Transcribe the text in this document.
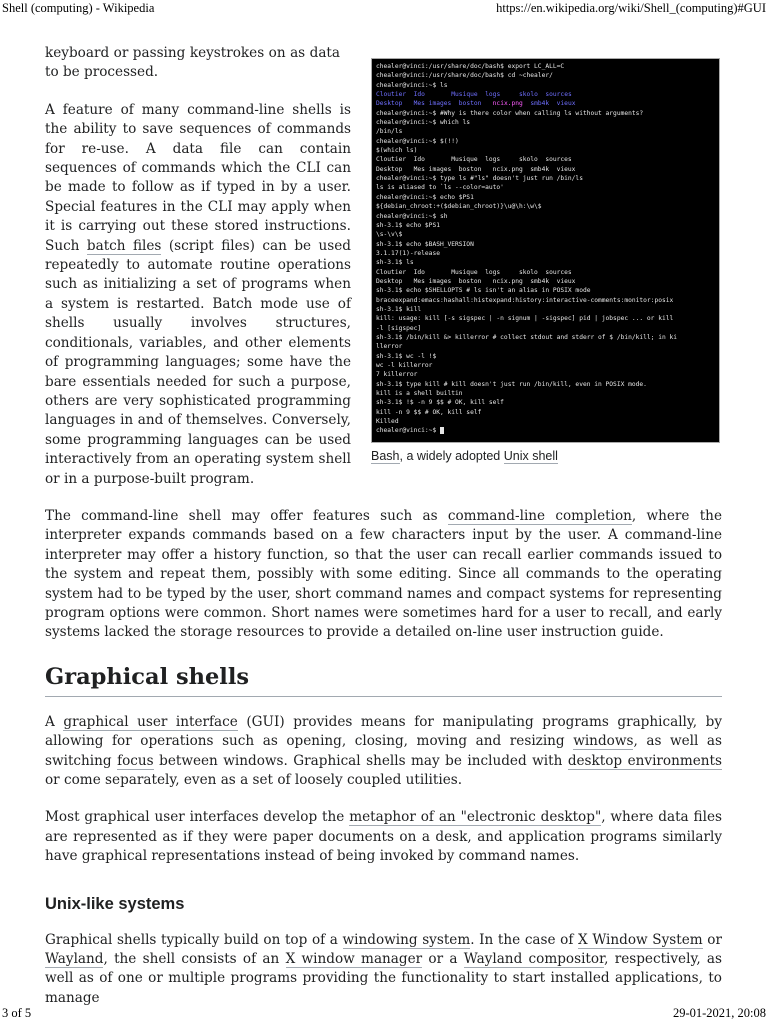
Shell (computing) - Wikipedia	https://en.wikipedia.org/wiki/Shell_(computing)#GUI
chealer@vinci:/usr/share/doc/bash$ export LC_ALL=C
chealer@vinci:/usr/share/doc/bash$ cd ~chealer/
chealer@vinci:~$ ls
Cloutier  Ido       Musique  logs     skolo  sources
Desktop   Mes images  boston   ncix.png  smb4k  vieux
chealer@vinci:~$ #Why is there color when calling ls without arguments?
chealer@vinci:~$ which ls
/bin/ls
chealer@vinci:~$ $(!!)
$(which ls)
Cloutier  Ido       Musique  logs     skolo  sources
Desktop   Mes images  boston   ncix.png  smb4k  vieux
chealer@vinci:~$ type ls #"ls" doesn't just run /bin/ls
ls is aliased to `ls --color=auto'
chealer@vinci:~$ echo $PS1
${debian_chroot:+($debian_chroot)}\u@\h:\w\$
chealer@vinci:~$ sh
sh-3.1$ echo $PS1
\s-\v\$
sh-3.1$ echo $BASH_VERSION
3.1.17(1)-release
sh-3.1$ ls
Cloutier  Ido       Musique  logs     skolo  sources
Desktop   Mes images  boston   ncix.png  smb4k  vieux
sh-3.1$ echo $SHELLOPTS # ls isn't an alias in POSIX mode
braceexpand:emacs:hashall:histexpand:history:interactive-comments:monitor:posix
sh-3.1$ kill
kill: usage: kill [-s sigspec | -n signum | -sigspec] pid | jobspec ... or kill
-l [sigspec]
sh-3.1$ /bin/kill &> killerror # collect stdout and stderr of $ /bin/kill; in ki
llerror
sh-3.1$ wc -l !$
wc -l killerror
7 killerror
sh-3.1$ type kill # kill doesn't just run /bin/kill, even in POSIX mode.
kill is a shell builtin
sh-3.1$ !$ -n 9 $$ # OK, kill self
kill -n 9 $$ # OK, kill self
Killed
chealer@vinci:~$
Bash, a widely adopted Unix shell

keyboard or passing keystrokes on as data to be processed.

A feature of many command-line shells is the ability to save sequences of commands for re-use. A data file can contain sequences of commands which the CLI can be made to follow as if typed in by a user. Special features in the CLI may apply when it is carrying out these stored instructions. Such batch files (script files) can be used repeatedly to automate routine operations such as initializing a set of programs when a system is restarted. Batch mode use of shells usually involves structures, conditionals, variables, and other elements of programming languages; some have the bare essentials needed for such a purpose, others are very sophisticated programming languages in and of themselves. Conversely, some programming languages can be used interactively from an operating system shell or in a purpose-built program.

The command-line shell may offer features such as command-line completion, where the interpreter expands commands based on a few characters input by the user. A command-line interpreter may offer a history function, so that the user can recall earlier commands issued to the system and repeat them, possibly with some editing. Since all commands to the operating system had to be typed by the user, short command names and compact systems for representing program options were common. Short names were sometimes hard for a user to recall, and early systems lacked the storage resources to provide a detailed on-line user instruction guide.

Graphical shells

A graphical user interface (GUI) provides means for manipulating programs graphically, by allowing for operations such as opening, closing, moving and resizing windows, as well as switching focus between windows. Graphical shells may be included with desktop environments or come separately, even as a set of loosely coupled utilities.

Most graphical user interfaces develop the metaphor of an "electronic desktop", where data files are represented as if they were paper documents on a desk, and application programs similarly have graphical representations instead of being invoked by command names.

Unix-like systems

Graphical shells typically build on top of a windowing system. In the case of X Window System or Wayland, the shell consists of an X window manager or a Wayland compositor, respectively, as well as of one or multiple programs providing the functionality to start installed applications, to manage

3 of 5	29-01-2021, 20:08
